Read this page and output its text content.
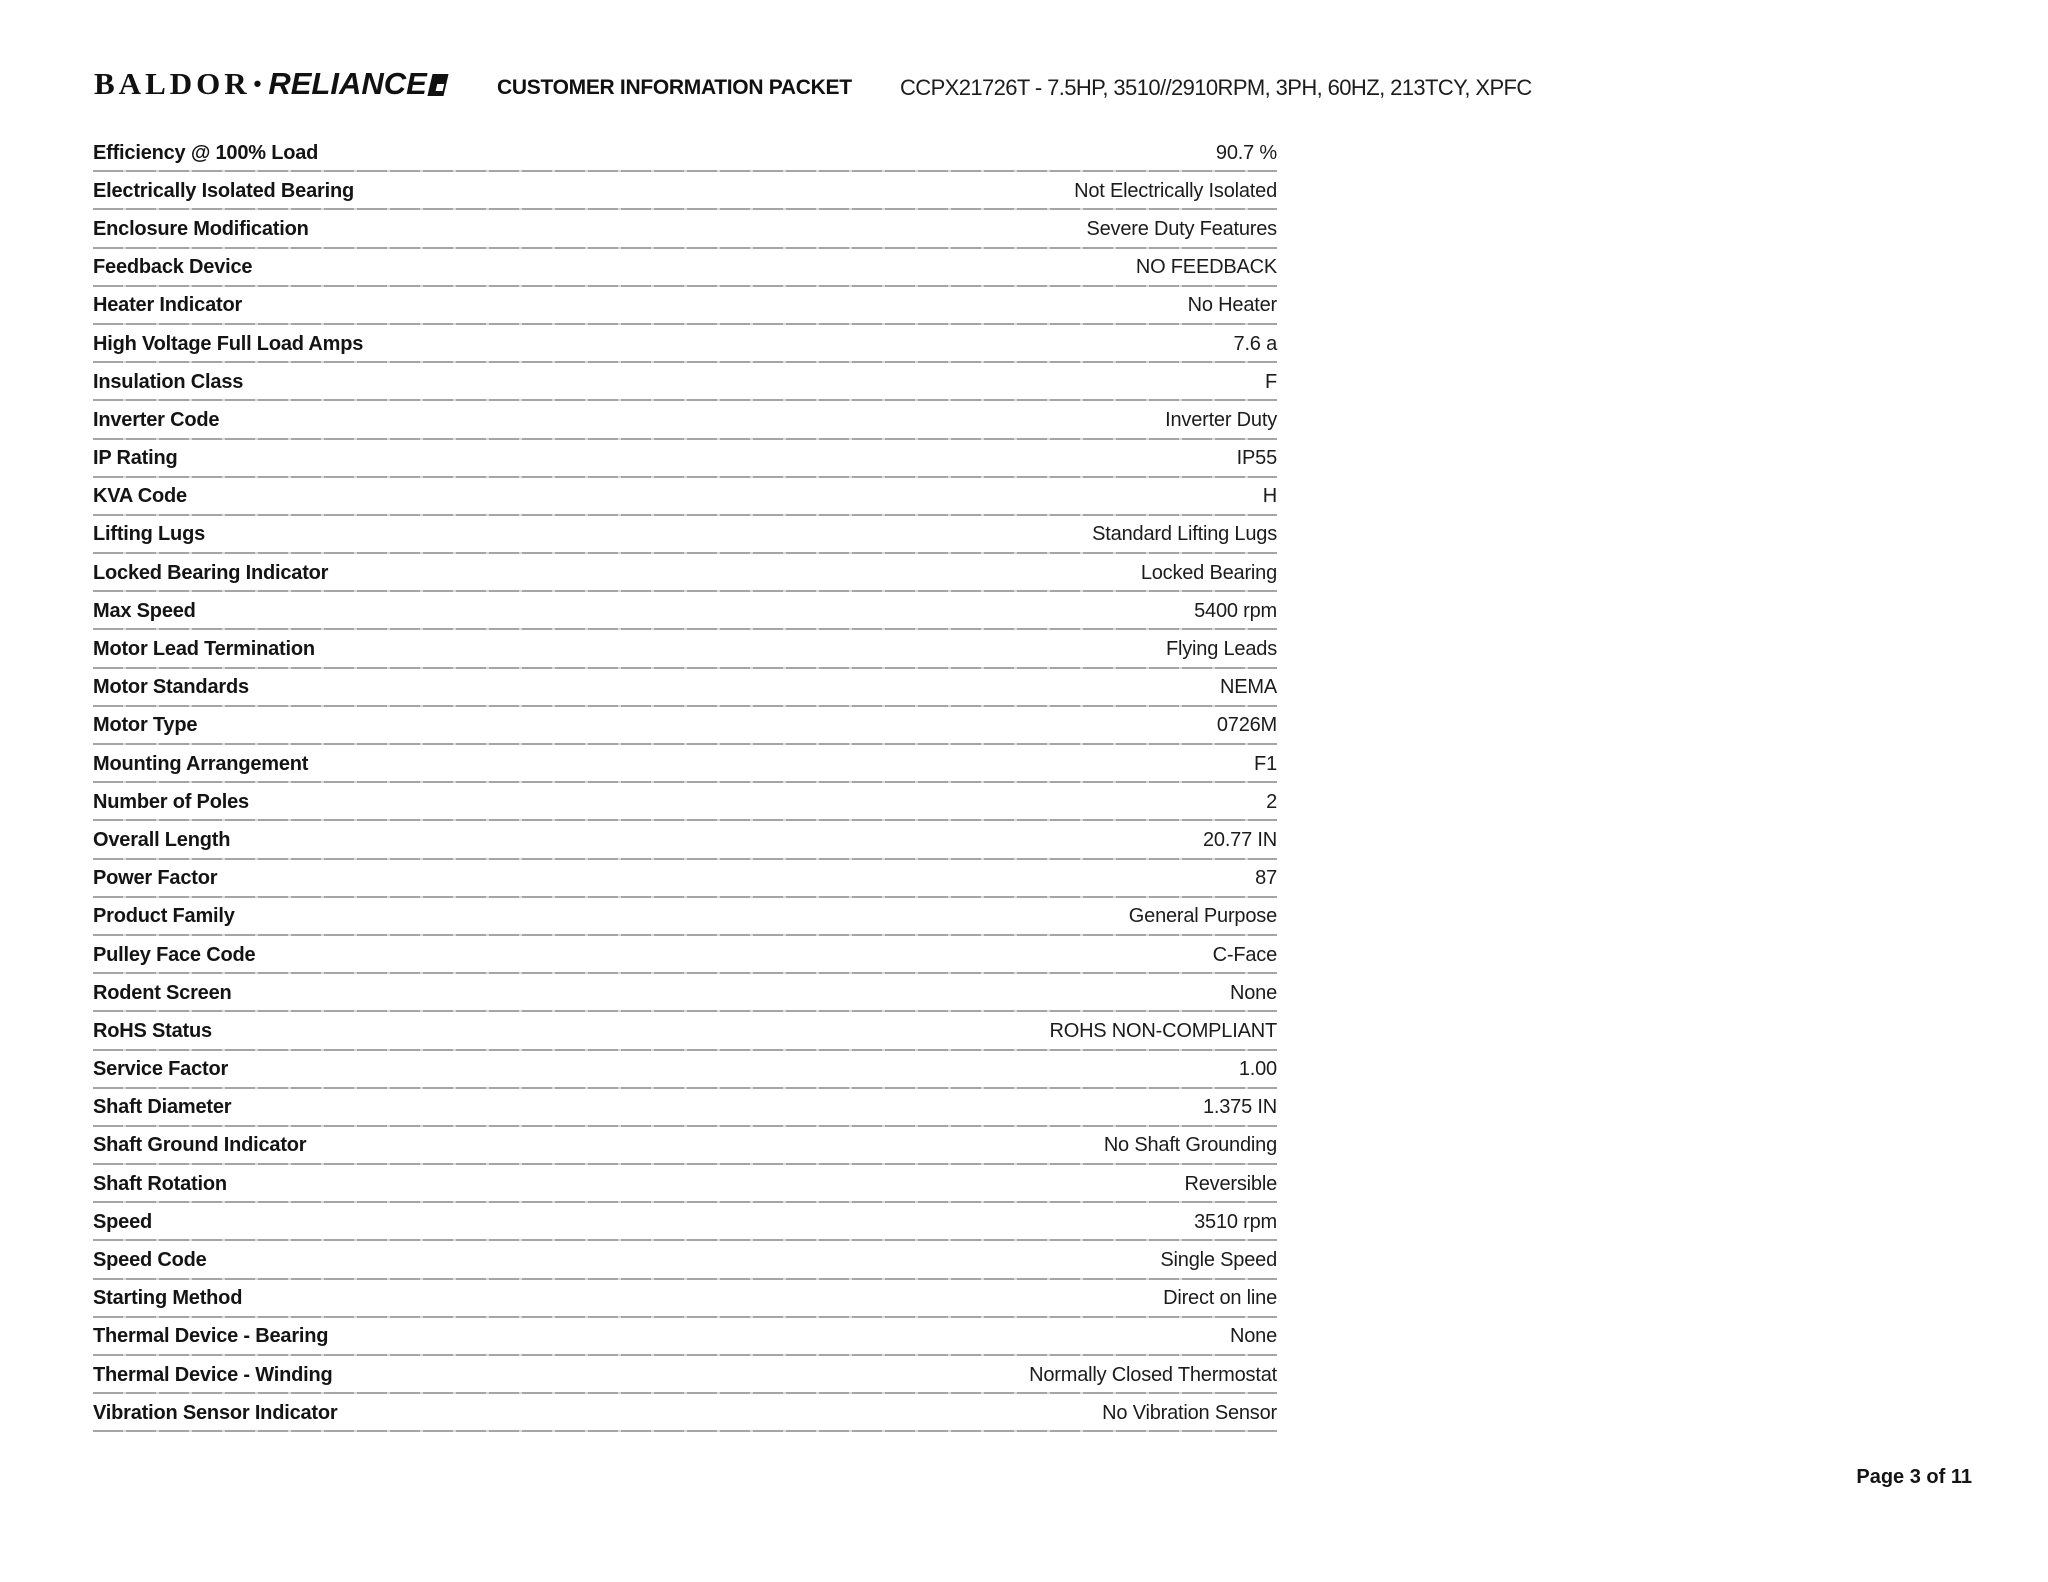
BALDOR • RELIANCE	CUSTOMER INFORMATION PACKET CCPX21726T - 7.5HP, 3510//2910RPM, 3PH, 60HZ, 213TCY, XPFC
Efficiency @ 100% Load	90.7 %
Electrically Isolated Bearing	Not Electrically Isolated
Enclosure Modification	Severe Duty Features
Feedback Device	NO FEEDBACK
Heater Indicator	No Heater
High Voltage Full Load Amps	7.6 a
Insulation Class	F
Inverter Code	Inverter Duty
IP Rating	IP55
KVA Code	H
Lifting Lugs	Standard Lifting Lugs
Locked Bearing Indicator	Locked Bearing
Max Speed	5400 rpm
Motor Lead Termination	Flying Leads
Motor Standards	NEMA
Motor Type	0726M
Mounting Arrangement	F1
Number of Poles	2
Overall Length	20.77 IN
Power Factor	87
Product Family	General Purpose
Pulley Face Code	C-Face
Rodent Screen	None
RoHS Status	ROHS NON-COMPLIANT
Service Factor	1.00
Shaft Diameter	1.375 IN
Shaft Ground Indicator	No Shaft Grounding
Shaft Rotation	Reversible
Speed	3510 rpm
Speed Code	Single Speed
Starting Method	Direct on line
Thermal Device - Bearing	None
Thermal Device - Winding	Normally Closed Thermostat
Vibration Sensor Indicator	No Vibration Sensor
Page 3 of 11
